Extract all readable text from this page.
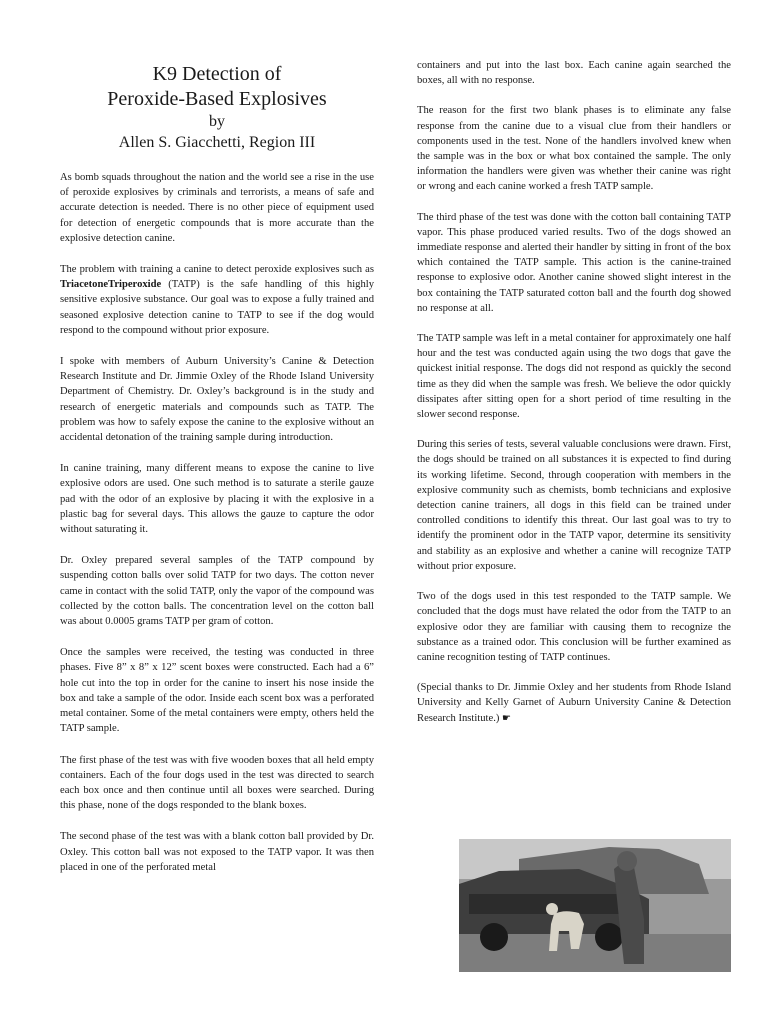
K9 Detection of
Peroxide-Based Explosives
by
Allen S. Giacchetti, Region III

As bomb squads throughout the nation and the world see a rise in the use of peroxide explosives by criminals and terrorists, a means of safe and accurate detection is needed. There is no other piece of equipment used for detection of energetic compounds that is more accurate than the explosive detection canine.

The problem with training a canine to detect peroxide explosives such as TriacetoneTriperoxide (TATP) is the safe handling of this highly sensitive explosive substance. Our goal was to expose a fully trained and seasoned explosive detection canine to TATP to see if the dog would respond to the compound without prior exposure.

I spoke with members of Auburn University’s Canine & Detection Research Institute and Dr. Jimmie Oxley of the Rhode Island University Department of Chemistry. Dr. Oxley’s background is in the study and research of energetic materials and compounds such as TATP. The problem was how to safely expose the canine to the explosive without an accidental detonation of the training sample during introduction.

In canine training, many different means to expose the canine to live explosive odors are used. One such method is to saturate a sterile gauze pad with the odor of an explosive by placing it with the explosive in a plastic bag for several days. This allows the gauze to capture the odor without saturating it.

Dr. Oxley prepared several samples of the TATP compound by suspending cotton balls over solid TATP for two days. The cotton never came in contact with the solid TATP, only the vapor of the compound was collected by the cotton balls. The concentration level on the cotton ball was about 0.0005 grams TATP per gram of cotton.

Once the samples were received, the testing was conducted in three phases. Five 8” x 8” x 12” scent boxes were constructed. Each had a 6” hole cut into the top in order for the canine to insert his nose inside the box and take a sample of the odor. Inside each scent box was a perforated metal container. Some of the metal containers were empty, others held the TATP sample.

The first phase of the test was with five wooden boxes that all held empty containers. Each of the four dogs used in the test was directed to search each box once and then continue until all boxes were searched. During this phase, none of the dogs responded to the blank boxes.

The second phase of the test was with a blank cotton ball provided by Dr. Oxley. This cotton ball was not exposed to the TATP vapor. It was then placed in one of the perforated metal

containers and put into the last box. Each canine again searched the boxes, all with no response.

The reason for the first two blank phases is to eliminate any false response from the canine due to a visual clue from their handlers or components used in the test. None of the handlers involved knew when the sample was in the box or what box contained the sample. The only information the handlers were given was whether their canine was right or wrong and each canine worked a fresh TATP sample.

The third phase of the test was done with the cotton ball containing TATP vapor. This phase produced varied results. Two of the dogs showed an immediate response and alerted their handler by sitting in front of the box which contained the TATP sample. This action is the canine-trained response to explosive odor. Another canine showed slight interest in the box containing the TATP saturated cotton ball and the fourth dog showed no response at all.

The TATP sample was left in a metal container for approximately one half hour and the test was conducted again using the two dogs that gave the quickest initial response. The dogs did not respond as quickly the second time as they did when the sample was fresh. We believe the odor quickly dissipates after sitting open for a short period of time resulting in the slower second response.

During this series of tests, several valuable conclusions were drawn. First, the dogs should be trained on all substances it is expected to find during its working lifetime. Second, through cooperation with members in the explosive community such as chemists, bomb technicians and explosive detection canine trainers, all dogs in this field can be trained under controlled conditions to identify this threat. Our last goal was to try to identify the prominent odor in the TATP vapor, determine its sensitivity and stability as an explosive and whether a canine will recognize TATP without prior exposure.

Two of the dogs used in this test responded to the TATP sample. We concluded that the dogs must have related the odor from the TATP to an explosive odor they are familiar with causing them to recognize the substance as a trained odor. This conclusion will be further examined as canine recognition testing of TATP continues.

(Special thanks to Dr. Jimmie Oxley and her students from Rhode Island University and Kelly Garnet of Auburn University Canine & Detection Research Institute.) ☛
